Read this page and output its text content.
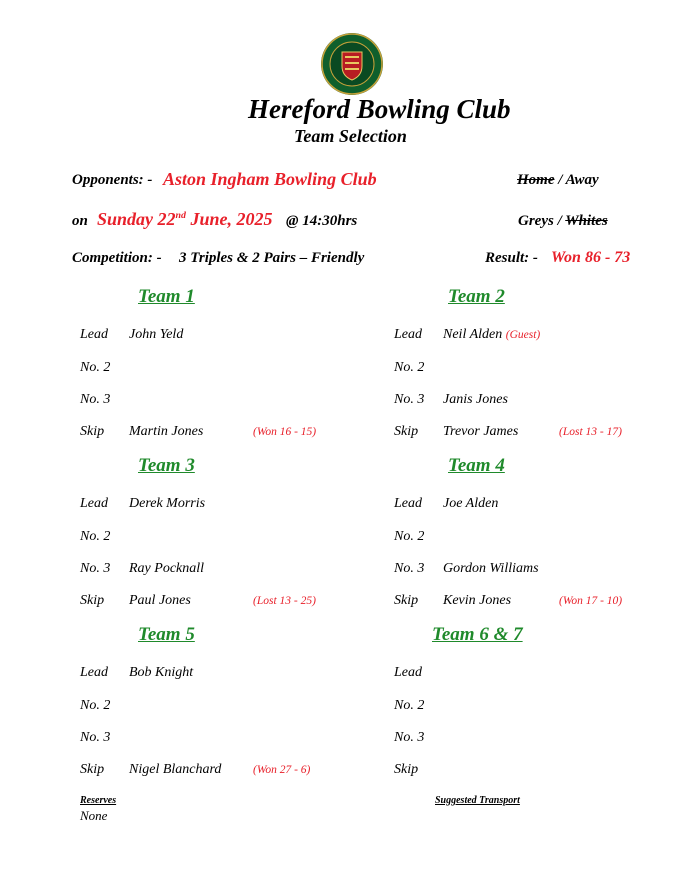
Hereford Bowling Club
Team Selection
Opponents: - Aston Ingham Bowling Club	Home / Away
on Sunday 22nd June, 2025 @ 14:30hrs	Greys / Whites
Competition: - 3 Triples & 2 Pairs – Friendly	Result: - Won 86 - 73
Team 1
Lead John Yeld
No. 2
No. 3
Skip Martin Jones	(Won 16 - 15)
Team 2
Lead Neil Alden (Guest)
No. 2
No. 3 Janis Jones
Skip Trevor James	(Lost 13 - 17)
Team 3
Lead Derek Morris
No. 2
No. 3 Ray Pocknall
Skip Paul Jones	(Lost 13 - 25)
Team 4
Lead Joe Alden
No. 2
No. 3 Gordon Williams
Skip Kevin Jones	(Won 17 - 10)
Team 5
Lead Bob Knight
No. 2
No. 3
Skip Nigel Blanchard	(Won 27 - 6)
Team 6 & 7
Lead
No. 2
No. 3
Skip
Reserves
None
Suggested Transport
